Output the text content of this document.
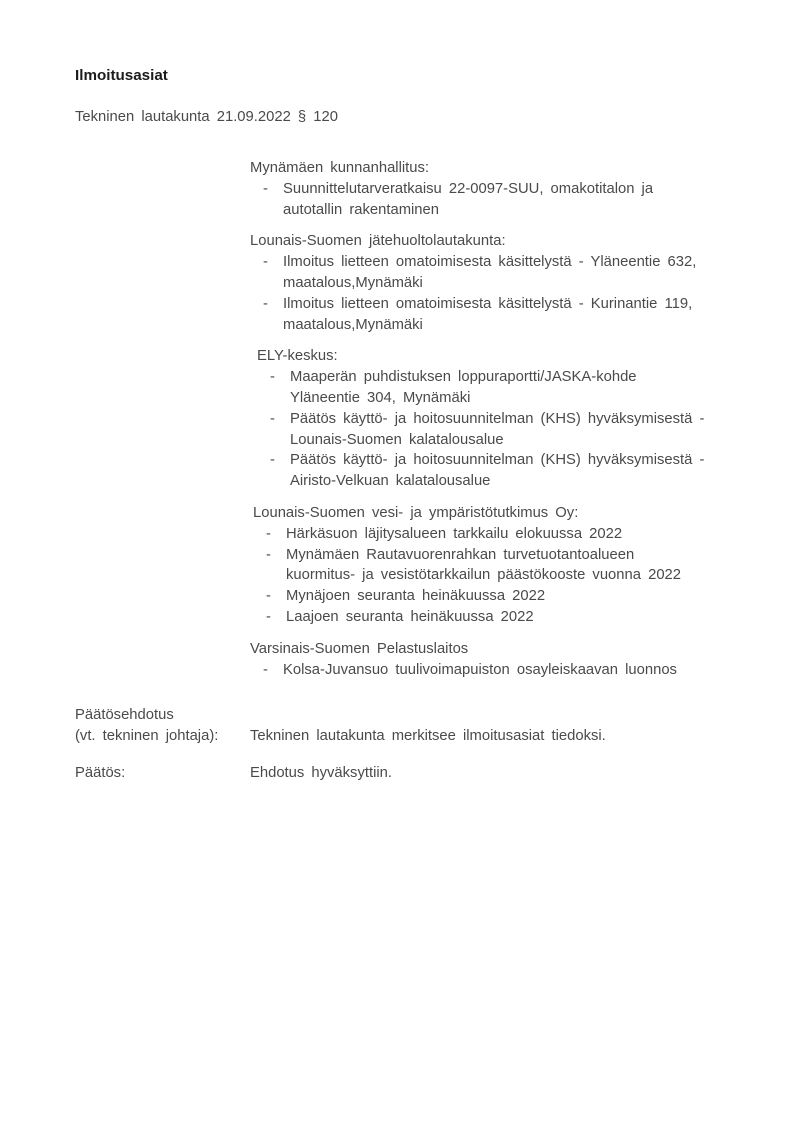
Ilmoitusasiat
Tekninen lautakunta 21.09.2022 § 120
Mynämäen kunnanhallitus:
-	Suunnittelutarveratkaisu 22-0097-SUU, omakotitalon ja
autotallin rakentaminen
Lounais-Suomen jätehuoltolautakunta:
-	Ilmoitus lietteen omatoimisesta käsittelystä - Yläneentie 632,
maatalous,Mynämäki
-	Ilmoitus lietteen omatoimisesta käsittelystä - Kurinantie 119,
maatalous,Mynämäki
ELY-keskus:
-	Maaperän puhdistuksen loppuraportti/JASKA-kohde
Yläneentie 304, Mynämäki
-	Päätös käyttö- ja hoitosuunnitelman (KHS) hyväksymisestä -
Lounais-Suomen kalatalousalue
-	Päätös käyttö- ja hoitosuunnitelman (KHS) hyväksymisestä -
Airisto-Velkuan kalatalousalue
Lounais-Suomen vesi- ja ympäristötutkimus Oy:
-	Härkäsuon läjitysalueen tarkkailu elokuussa 2022
-	Mynämäen Rautavuorenrahkan turvetuotantoalueen
kuormitus- ja vesistötarkkailun päästökooste vuonna 2022
-	Mynäjoen seuranta heinäkuussa 2022
-	Laajoen seuranta heinäkuussa 2022
Varsinais-Suomen Pelastuslaitos
-	Kolsa-Juvansuo tuulivoimapuiston osayleiskaavan luonnos
Päätösehdotus
(vt. tekninen johtaja):	Tekninen lautakunta merkitsee ilmoitusasiat tiedoksi.
Päätös:	Ehdotus hyväksyttiin.
